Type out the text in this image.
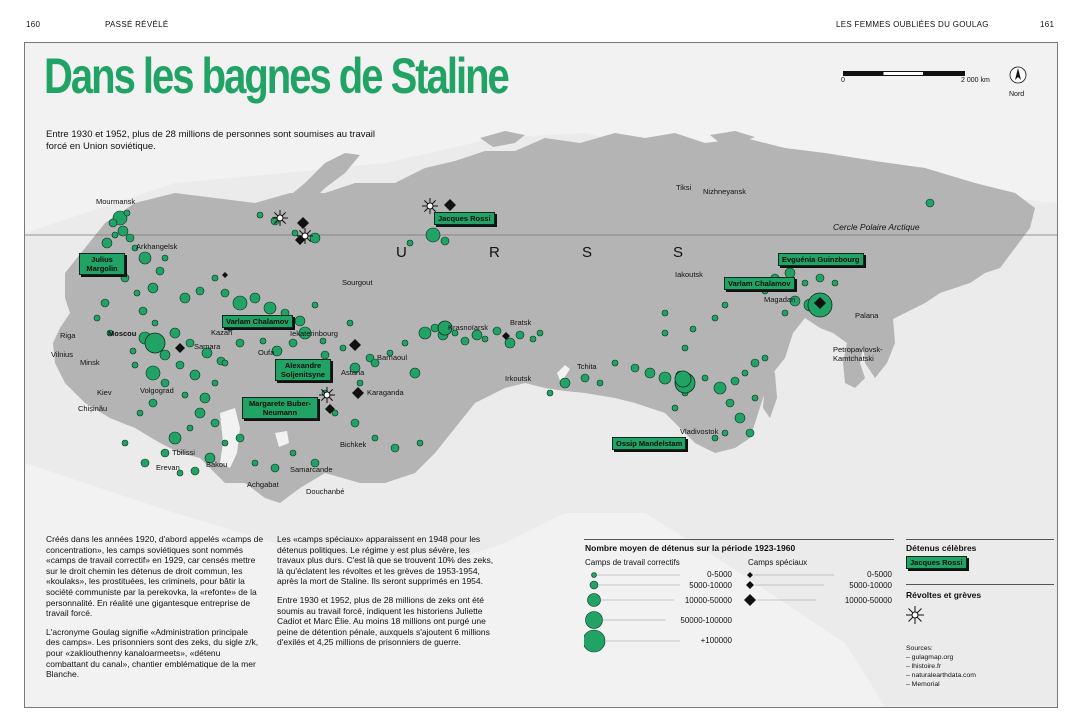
160	PASSÉ RÉVÉLÉ	LES FEMMES OUBLIÉES DU GOULAG	161
0	2 000 km
Nord
Dans les bagnes de Staline
Entre 1930 et 1952, plus de 28 millions de personnes sont soumises au travail forcé en Union soviétique.
U	R	S	S
Cercle Polaire Arctique
Mourmansk
Arkhangelsk
Tiksi Nizhneyansk
Iakoutsk
Magadan
Palana
Petropavlovsk-Kamtchatski
Sourgout
Riga
Vilnius
Minsk
Moscou	Kazan
Samara
Oufa
Iekaterinbourg
Krasnoïarsk
Bratsk
Barnaoul
Astana
Karaganda
Irkoutsk
Tchita
Kiev	Volgograd
Chișinău
Tbilissi
Erevan	Bakou
Achgabat
Samarcande
Douchanbé
Bichkek
Vladivostok
Jacques Rossi
Julius Margolin
Varlam Chalamov
Varlam Chalamov
Evguénia Guinzbourg
Alexandre Soljenitsyne
Margarete Buber-Neumann
Ossip Mandelstam

Créés dans les années 1920, d'abord appelés «camps de concentration», les camps soviétiques sont nommés «camps de travail correctif» en 1929, car censés mettre sur le droit chemin les détenus de droit commun, les «koulaks», les prostituées, les criminels, pour bâtir la société communiste par la perekovka, la «refonte» de la personnalité. En réalité une gigantesque entreprise de travail forcé.

L'acronyme Goulag signifie «Administration principale des camps». Les prisonniers sont des zeks, du sigle z/k, pour «zakliouthenny kanaloarmeets», «détenu combattant du canal», chantier emblématique de la mer Blanche.

Les «camps spéciaux» apparaissent en 1948 pour les détenus politiques. Le régime y est plus sévère, les travaux plus durs. C'est là que se trouvent 10% des zeks, là qu'éclatent les révoltes et les grèves de 1953-1954, après la mort de Staline. Ils seront supprimés en 1954.

Entre 1930 et 1952, plus de 28 millions de zeks ont été soumis au travail forcé, indiquent les historiens Juliette Cadiot et Marc Élie. Au moins 18 millions ont purgé une peine de détention pénale, auxquels s'ajoutent 6 millions d'exilés et 4,25 millions de prisonniers de guerre.

Nombre moyen de détenus sur la période 1923-1960
Camps de travail correctifs	Camps spéciaux
0-5000
5000-10000
10000-50000
50000-100000
+100000
0-5000
5000-10000
10000-50000
Détenus célèbres
Jacques Rossi
Révoltes et grèves
Sources:
– gulagmap.org
– lhistoire.fr
– naturalearthdata.com
– Memorial
